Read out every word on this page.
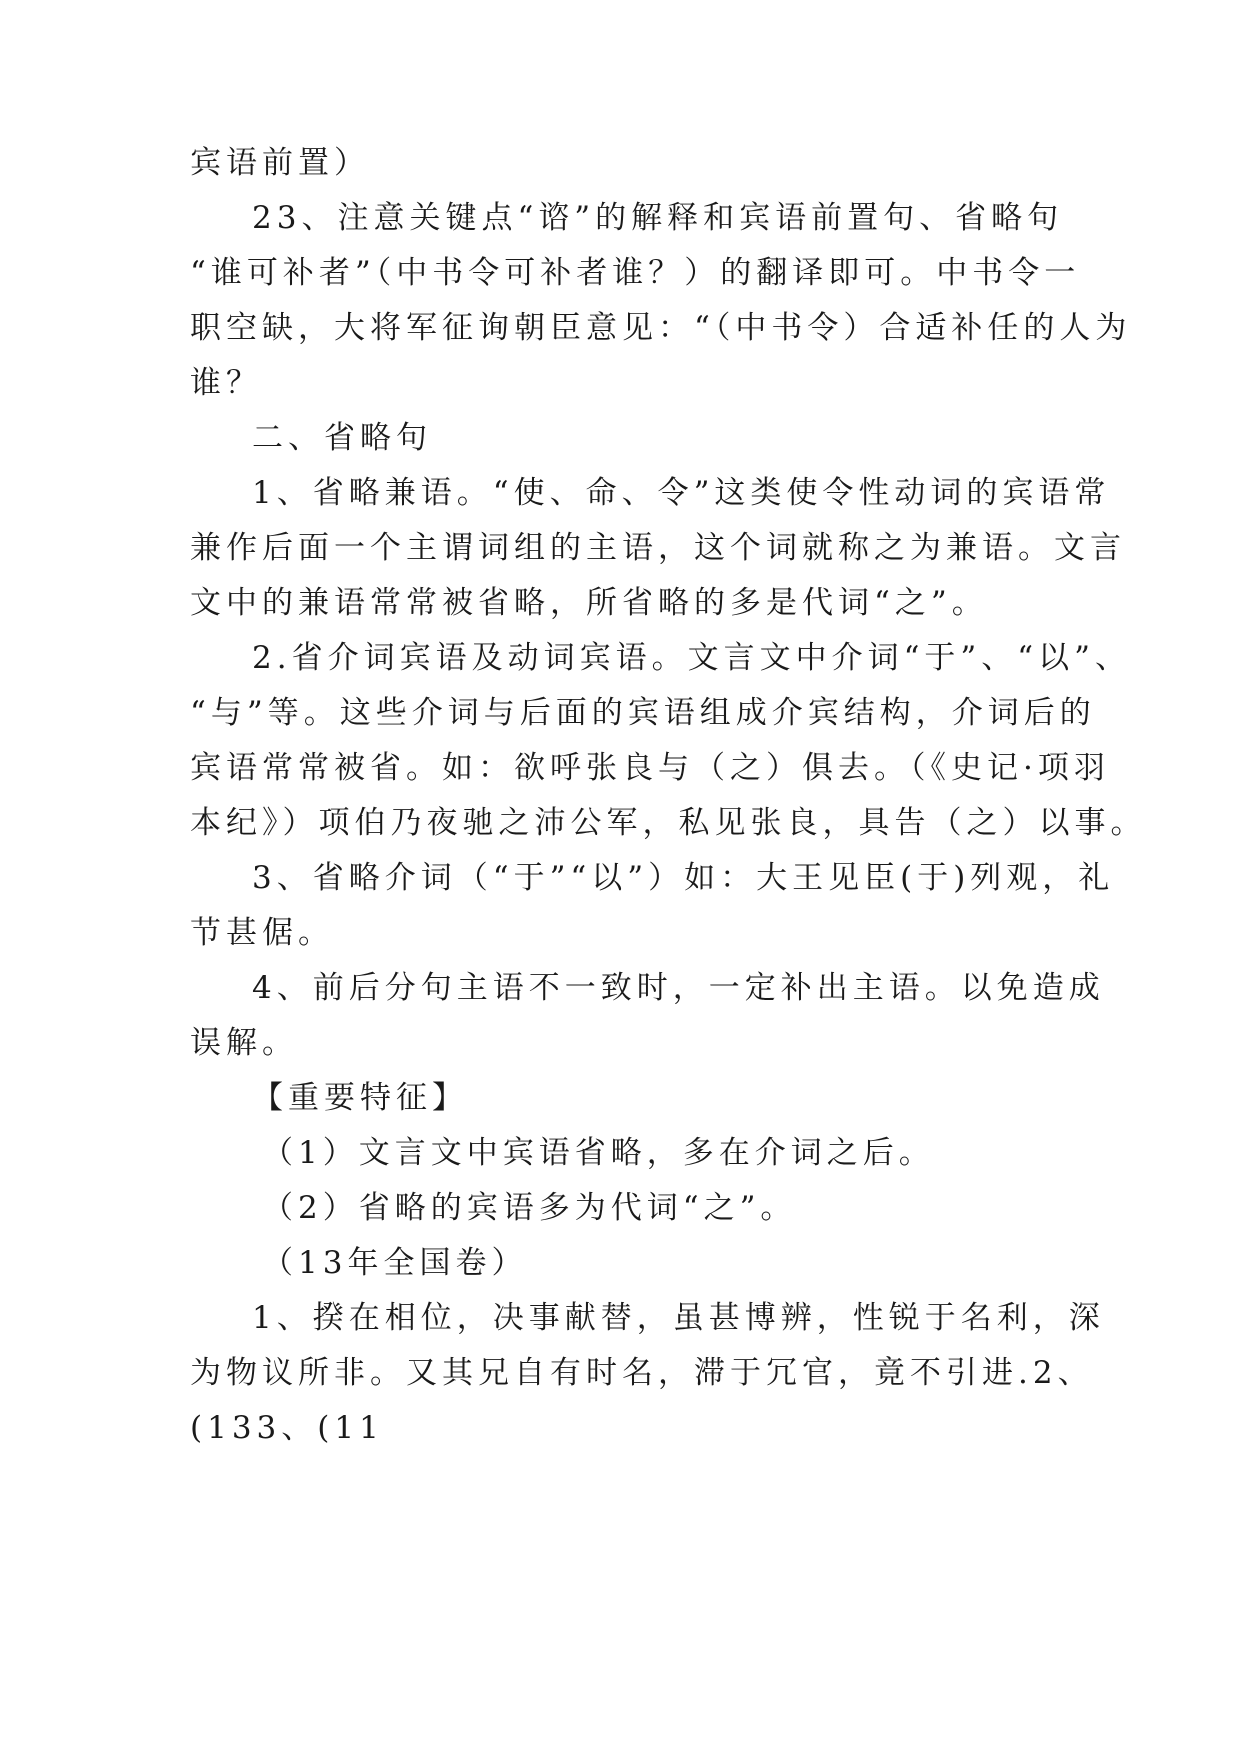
宾语前置）
23、注意关键点“谘”的解释和宾语前置句、省略句
“谁可补者”（中书令可补者谁？）的翻译即可。中书令一
职空缺，大将军征询朝臣意见：“（中书令）合适补任的人为
谁？
二、省略句
1、省略兼语。“使、命、令”这类使令性动词的宾语常
兼作后面一个主谓词组的主语，这个词就称之为兼语。文言
文中的兼语常常被省略，所省略的多是代词“之”。
2.省介词宾语及动词宾语。文言文中介词“于”、“以”、
“与”等。这些介词与后面的宾语组成介宾结构，介词后的
宾语常常被省。如：欲呼张良与（之）俱去。（《史记·项羽
本纪》）项伯乃夜驰之沛公军，私见张良，具告（之）以事。
3、省略介词（“于”“以”）如：大王见臣(于)列观，礼
节甚倨。
4、前后分句主语不一致时，一定补出主语。以免造成
误解。
【重要特征】
（1）文言文中宾语省略，多在介词之后。
（2）省略的宾语多为代词“之”。
（13年全国卷）
1、揆在相位，决事献替，虽甚博辨，性锐于名利，深
为物议所非。又其兄自有时名，滞于冗官，竟不引进.2、
(133、(11
